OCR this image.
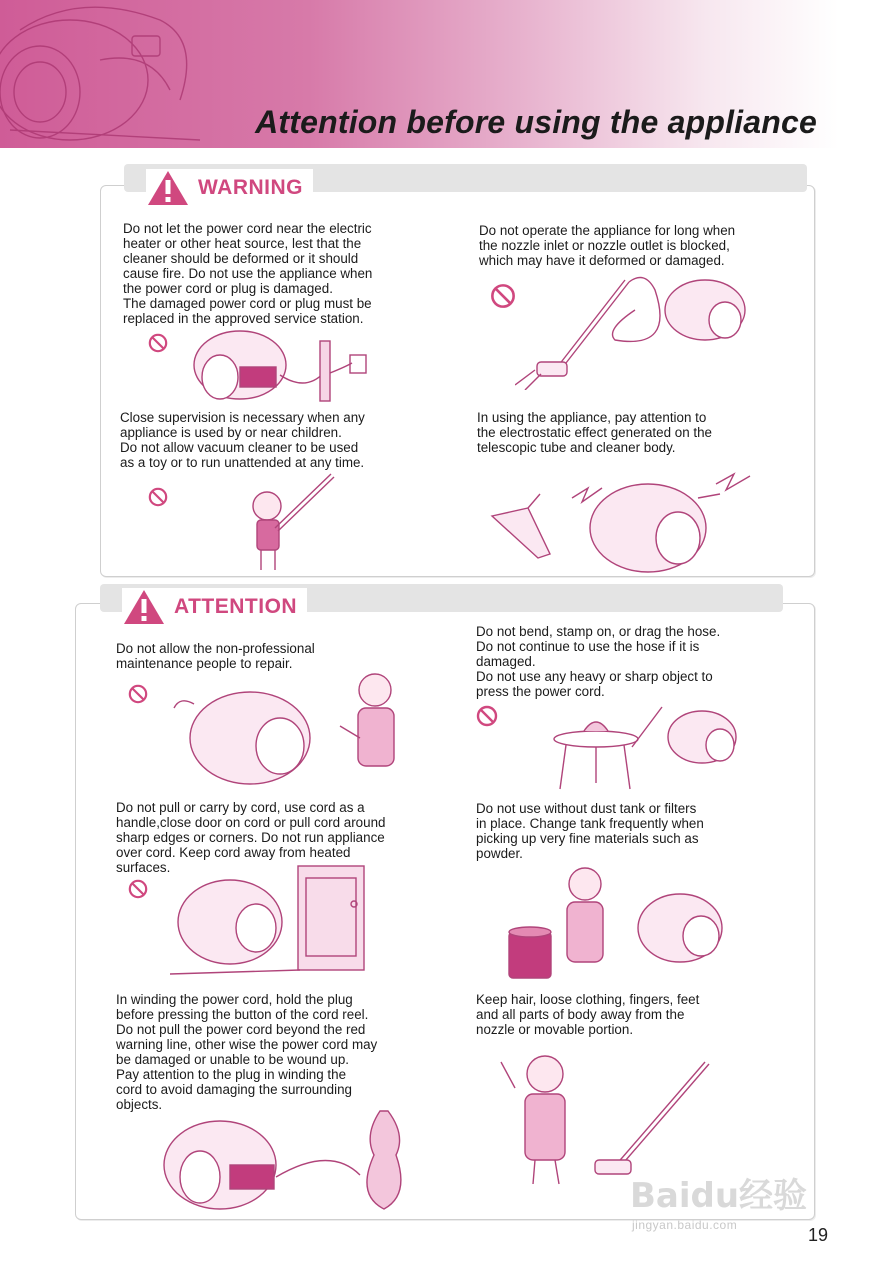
Attention before using the appliance
WARNING
Do not let the power cord near the electric
heater or other heat source, lest that the
cleaner should be deformed or it should
cause fire. Do not use the appliance when
the power cord or plug is damaged.
The damaged power cord or plug must be
replaced in the approved service station.
Do not operate the appliance for long when
the nozzle inlet or nozzle outlet is blocked,
which may have it deformed or damaged.
Close supervision is necessary when any
appliance is used by or near children.
Do not allow vacuum cleaner to be used
as a toy or to run unattended at any time.
In using the appliance, pay attention to
the electrostatic effect generated on the
telescopic tube and cleaner body.
ATTENTION
Do not allow the non-professional
maintenance people to repair.
Do not bend, stamp on, or drag the hose.
Do not continue to use the hose if it is
damaged.
Do not use any heavy or sharp object to
press the power cord.
Do not pull or carry by cord, use cord as a
handle,close door on cord or pull cord around
sharp edges or corners. Do not run appliance
over cord. Keep cord away from heated
surfaces.
Do not use without dust tank or filters
in place. Change tank frequently when
picking up very fine materials such as
powder.
In winding the power cord, hold the plug
before pressing the button of the cord reel.
Do not pull the power cord beyond the red
warning line, other wise the power cord may
be damaged or unable to be wound up.
Pay attention to the plug in winding the
cord to avoid damaging the surrounding
objects.
Keep hair, loose clothing, fingers, feet
and all parts of body away from the
nozzle or movable portion.
Baidu经验
jingyan.baidu.com	19
